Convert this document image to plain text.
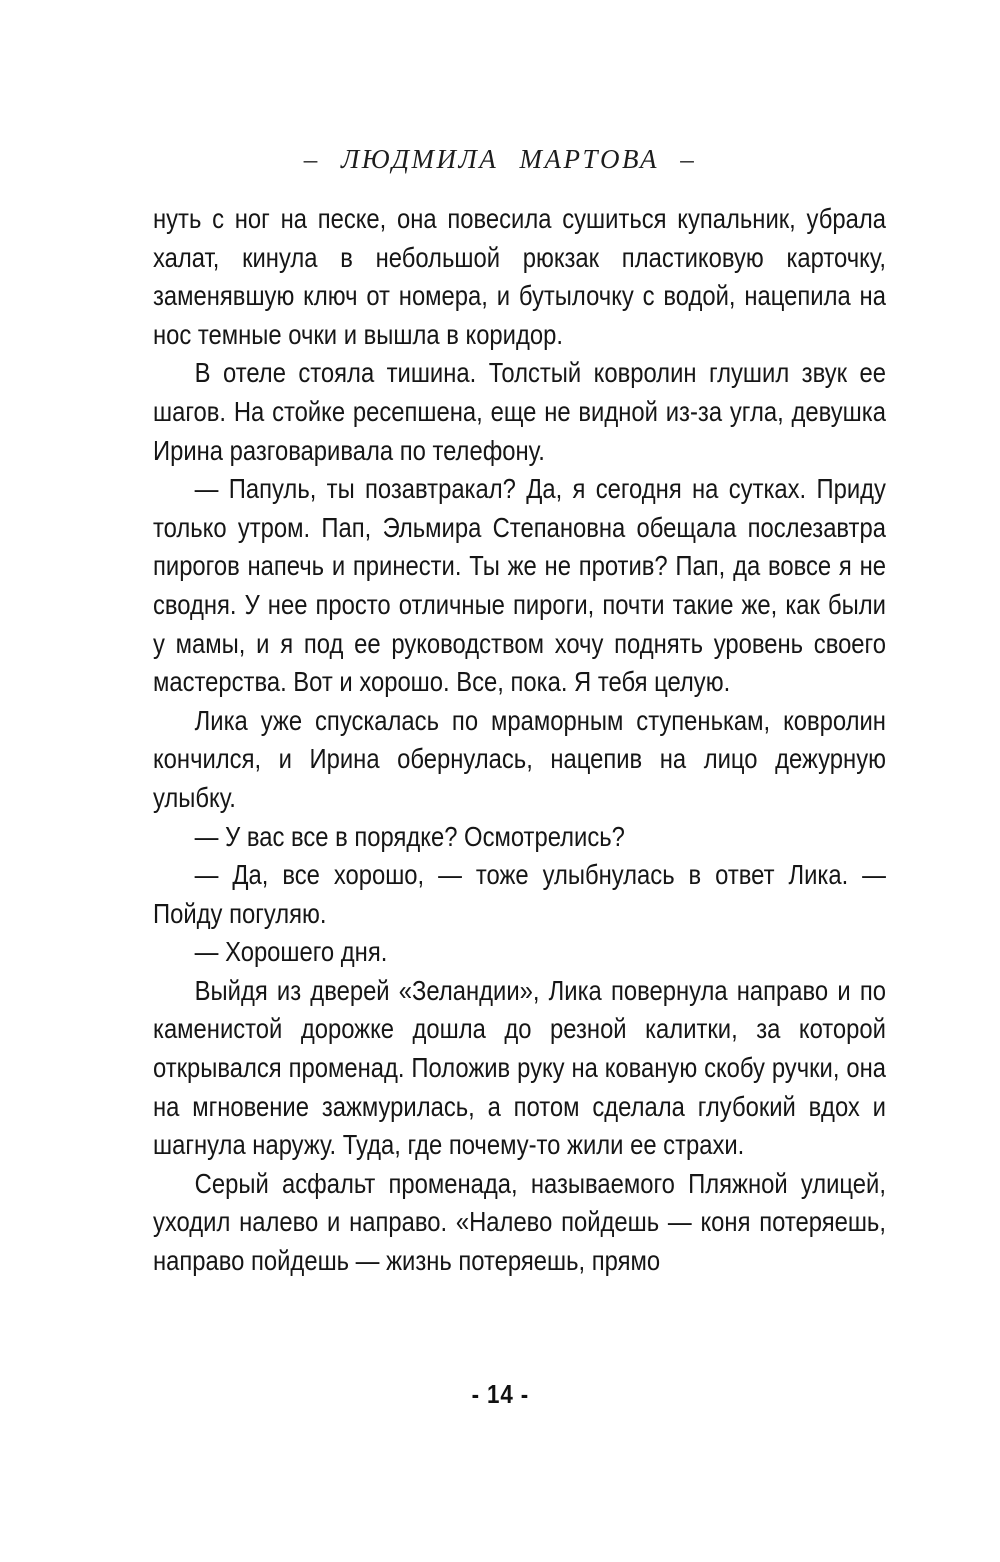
– ЛЮДМИЛА МАРТОВА –

нуть с ног на песке, она повесила сушиться купальник, убрала халат, кинула в небольшой рюкзак пластиковую карточку, заменявшую ключ от номера, и бутылочку с водой, нацепила на нос темные очки и вышла в коридор.

В отеле стояла тишина. Толстый ковролин глушил звук ее шагов. На стойке ресепшена, еще не видной из-за угла, девушка Ирина разговаривала по телефону.

— Папуль, ты позавтракал? Да, я сегодня на сутках. Приду только утром. Пап, Эльмира Степановна обещала послезавтра пирогов напечь и принести. Ты же не против? Пап, да вовсе я не сводня. У нее просто отличные пироги, почти такие же, как были у мамы, и я под ее руководством хочу поднять уровень своего мастерства. Вот и хорошо. Все, пока. Я тебя целую.

Лика уже спускалась по мраморным ступенькам, ковролин кончился, и Ирина обернулась, нацепив на лицо дежурную улыбку.

— У вас все в порядке? Осмотрелись?

— Да, все хорошо, — тоже улыбнулась в ответ Лика. — Пойду погуляю.

— Хорошего дня.

Выйдя из дверей «Зеландии», Лика повернула направо и по каменистой дорожке дошла до резной калитки, за которой открывался променад. Положив руку на кованую скобу ручки, она на мгновение зажмурилась, а потом сделала глубокий вдох и шагнула наружу. Туда, где почему-то жили ее страхи.

Серый асфальт променада, называемого Пляжной улицей, уходил налево и направо. «Налево пойдешь — коня потеряешь, направо пойдешь — жизнь потеряешь, прямо

- 14 -
